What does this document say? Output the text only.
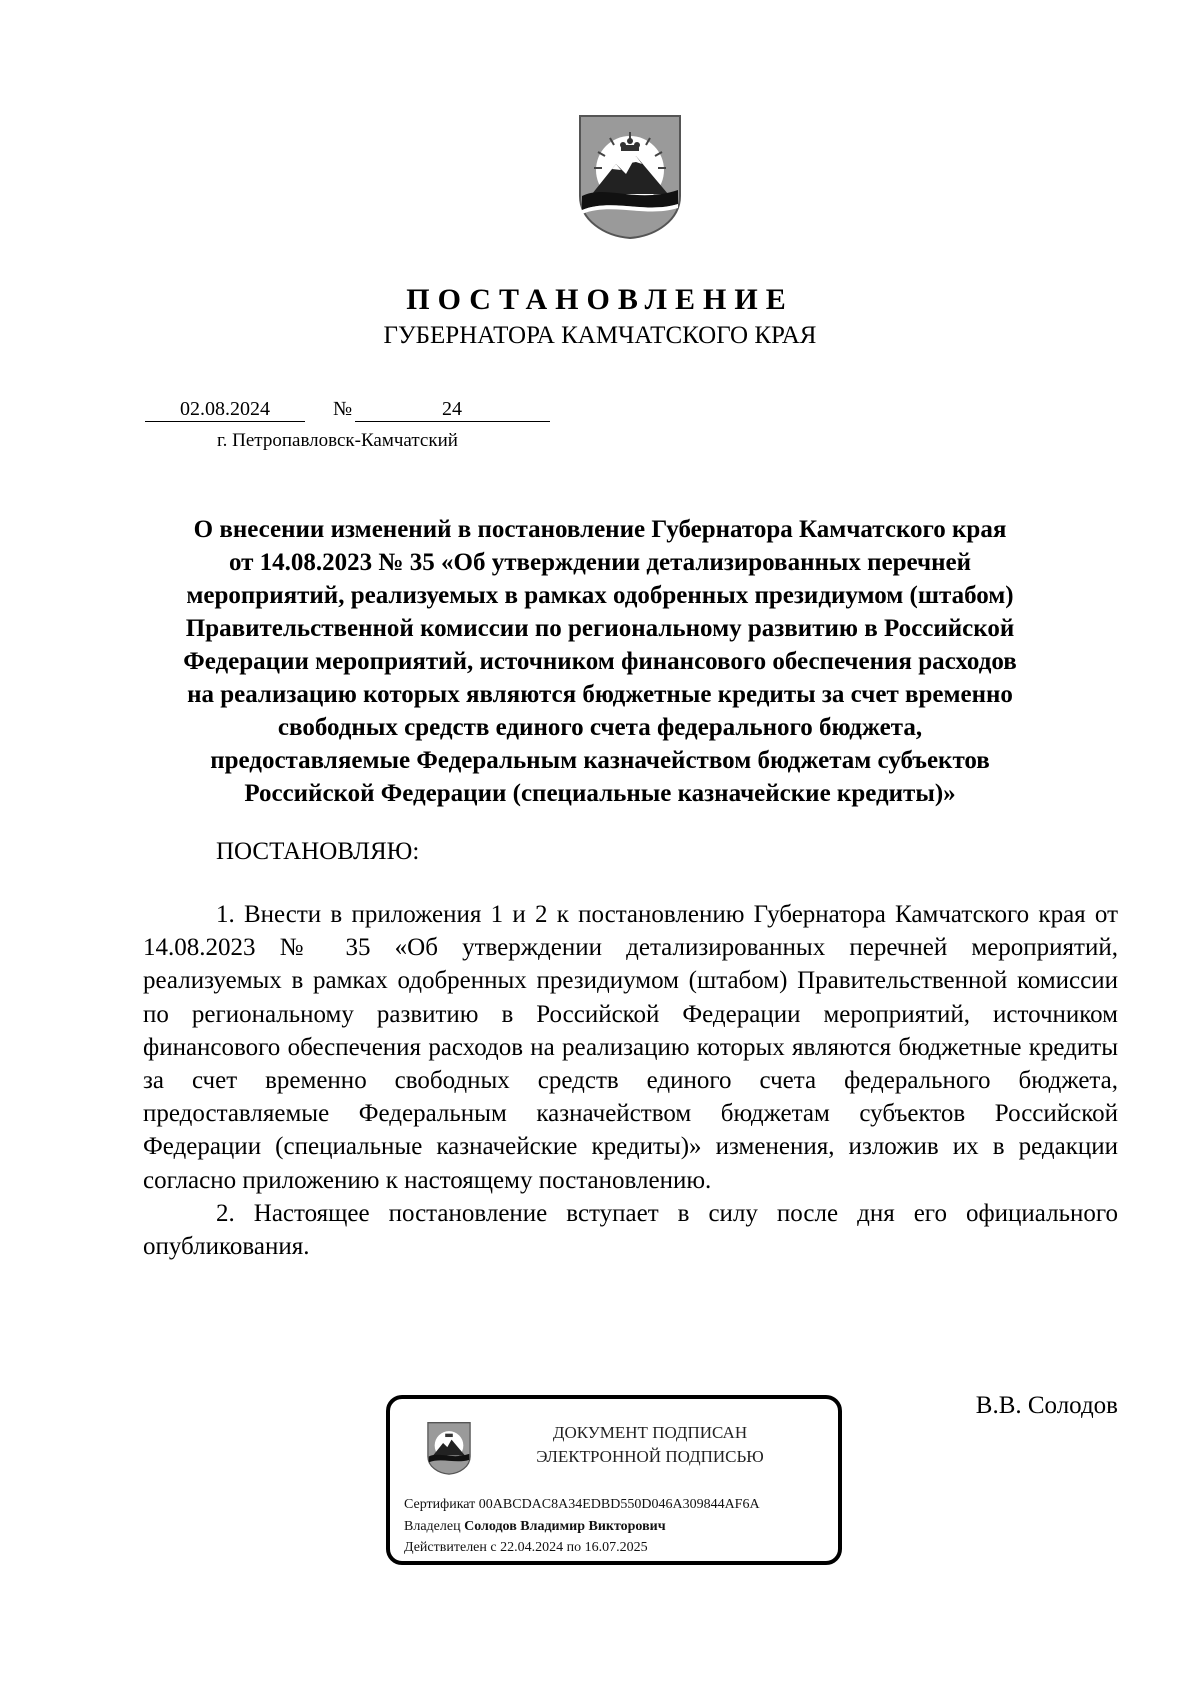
ПОСТАНОВЛЕНИЕ
ГУБЕРНАТОРА КАМЧАТСКОГО КРАЯ
02.08.2024	№	24
г. Петропавловск-Камчатский
О внесении изменений в постановление Губернатора Камчатского края
от 14.08.2023 № 35 «Об утверждении детализированных перечней
мероприятий, реализуемых в рамках одобренных президиумом (штабом)
Правительственной комиссии по региональному развитию в Российской
Федерации мероприятий, источником финансового обеспечения расходов
на реализацию которых являются бюджетные кредиты за счет временно
свободных средств единого счета федерального бюджета,
предоставляемые Федеральным казначейством бюджетам субъектов
Российской Федерации (специальные казначейские кредиты)»
ПОСТАНОВЛЯЮ:

1. Внести в приложения 1 и 2 к постановлению Губернатора Камчатского края от 14.08.2023 № 35 «Об утверждении детализированных перечней мероприятий, реализуемых в рамках одобренных президиумом (штабом) Правительственной комиссии по региональному развитию в Российской Федерации мероприятий, источником финансового обеспечения расходов на реализацию которых являются бюджетные кредиты за счет временно свободных средств единого счета федерального бюджета, предоставляемые Федеральным казначейством бюджетам субъектов Российской Федерации (специальные казначейские кредиты)» изменения, изложив их в редакции согласно приложению к настоящему постановлению.

2. Настоящее постановление вступает в силу после дня его официального опубликования.

В.В. Солодов
ДОКУМЕНТ ПОДПИСАН
ЭЛЕКТРОННОЙ ПОДПИСЬЮ
Сертификат 00ABCDAC8A34EDBD550D046A309844AF6A
Владелец Солодов Владимир Викторович
Действителен с 22.04.2024 по 16.07.2025
